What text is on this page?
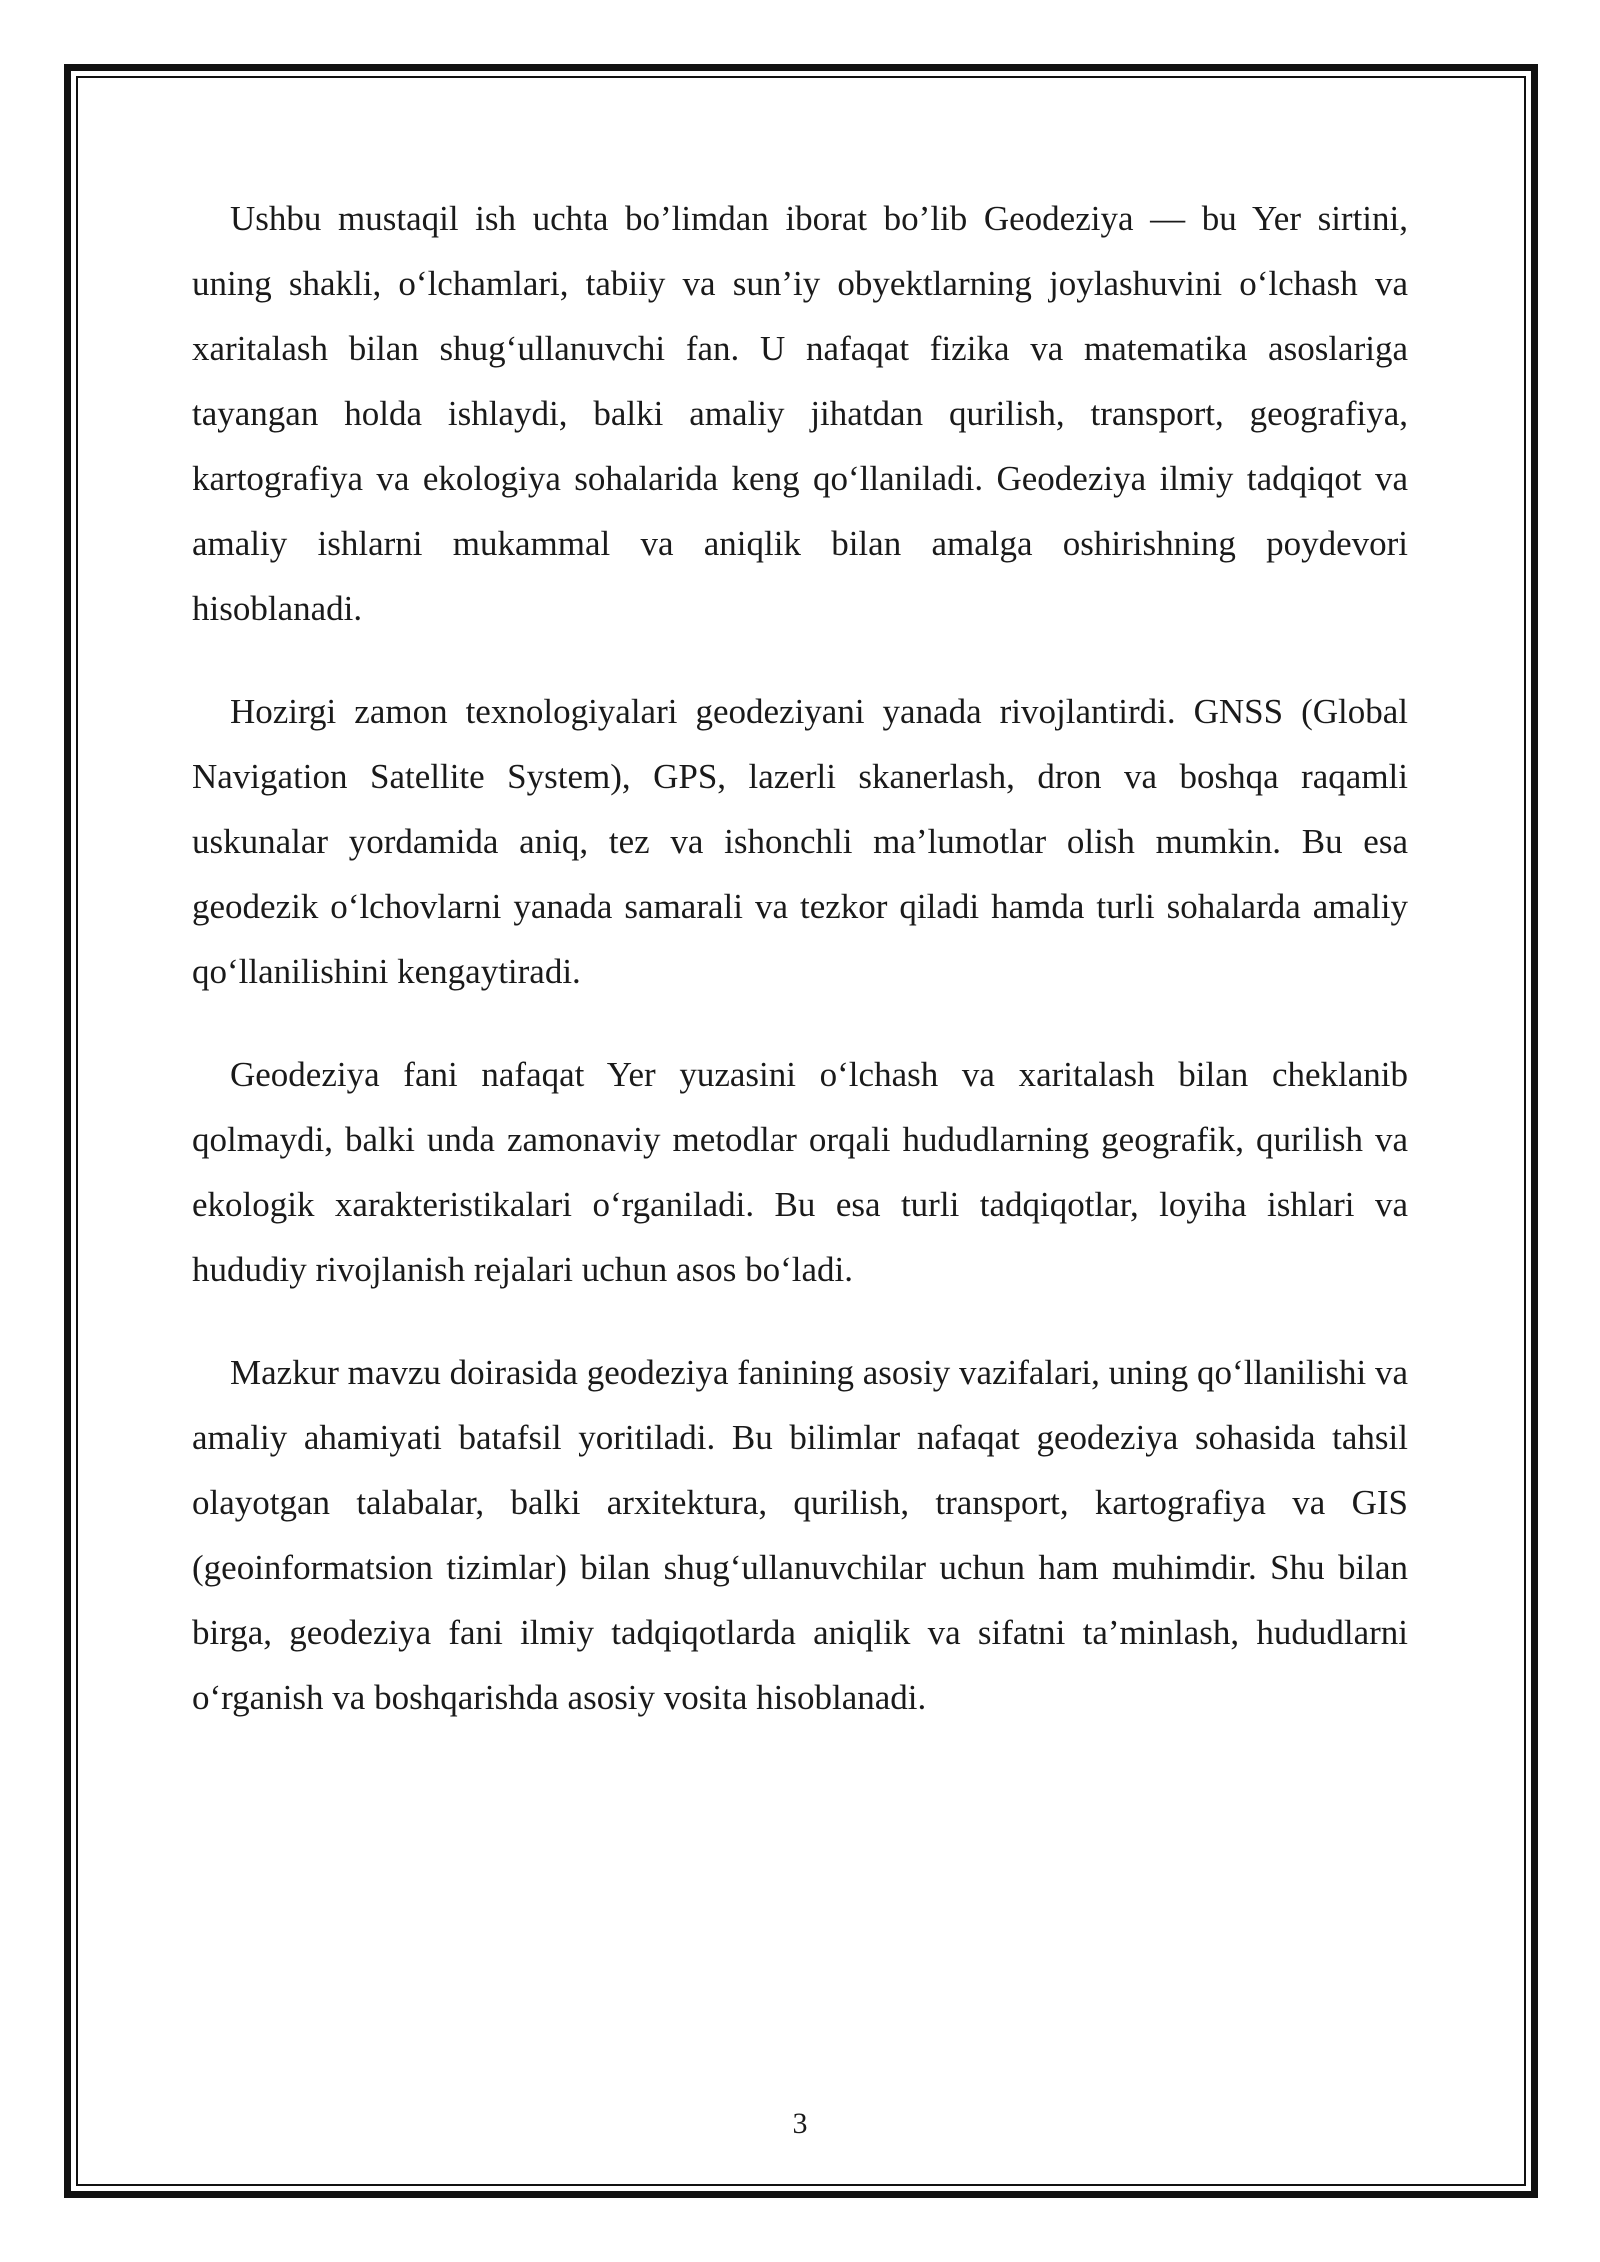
Ushbu mustaqil ish uchta bo’limdan iborat bo’lib Geodeziya — bu Yer sirtini, uning shakli, o‘lchamlari, tabiiy va sun’iy obyektlarning joylashuvini o‘lchash va xaritalash bilan shug‘ullanuvchi fan. U nafaqat fizika va matematika asoslariga tayangan holda ishlaydi, balki amaliy jihatdan qurilish, transport, geografiya, kartografiya va ekologiya sohalarida keng qo‘llaniladi. Geodeziya ilmiy tadqiqot va amaliy ishlarni mukammal va aniqlik bilan amalga oshirishning poydevori hisoblanadi.

Hozirgi zamon texnologiyalari geodeziyani yanada rivojlantirdi. GNSS (Global Navigation Satellite System), GPS, lazerli skanerlash, dron va boshqa raqamli uskunalar yordamida aniq, tez va ishonchli ma’lumotlar olish mumkin. Bu esa geodezik o‘lchovlarni yanada samarali va tezkor qiladi hamda turli sohalarda amaliy qo‘llanilishini kengaytiradi.

Geodeziya fani nafaqat Yer yuzasini o‘lchash va xaritalash bilan cheklanib qolmaydi, balki unda zamonaviy metodlar orqali hududlarning geografik, qurilish va ekologik xarakteristikalari o‘rganiladi. Bu esa turli tadqiqotlar, loyiha ishlari va hududiy rivojlanish rejalari uchun asos bo‘ladi.

Mazkur mavzu doirasida geodeziya fanining asosiy vazifalari, uning qo‘llanilishi va amaliy ahamiyati batafsil yoritiladi. Bu bilimlar nafaqat geodeziya sohasida tahsil olayotgan talabalar, balki arxitektura, qurilish, transport, kartografiya va GIS (geoinformatsion tizimlar) bilan shug‘ullanuvchilar uchun ham muhimdir. Shu bilan birga, geodeziya fani ilmiy tadqiqotlarda aniqlik va sifatni ta’minlash, hududlarni o‘rganish va boshqarishda asosiy vosita hisoblanadi.

3
